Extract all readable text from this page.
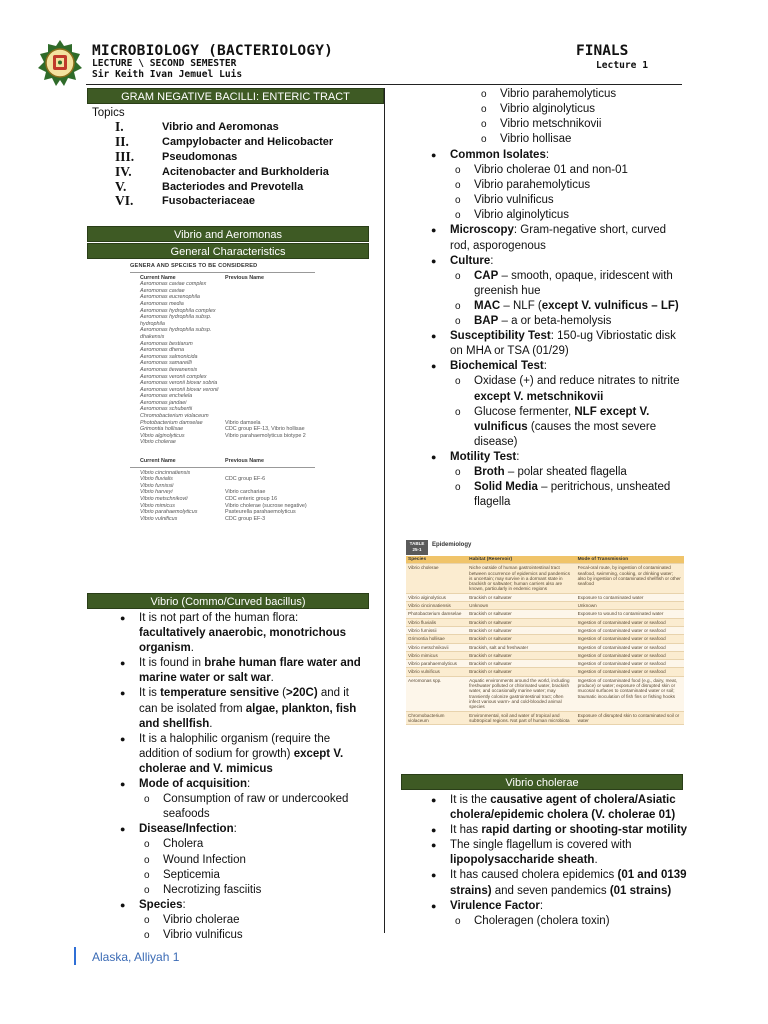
MICROBIOLOGY (BACTERIOLOGY)
LECTURE \ SECOND SEMESTER
Sir Keith Ivan Jemuel Luis
FINALS
Lecture 1
GRAM NEGATIVE BACILLI: ENTERIC TRACT
Topics
I.	Vibrio and Aeromonas
II.	Campylobacter and Helicobacter
III.	Pseudomonas
IV.	Acitenobacter and Burkholderia
V.	Bacteriodes and Prevotella
VI.	Fusobacteriaceae
Vibrio and Aeromonas
General Characteristics
GENERA AND SPECIES TO BE CONSIDERED
Current Name	Previous Name
Aeromonas caviae complex
Aeromonas caviae
Aeromonas eucrenophila
Aeromonas media
Aeromonas hydrophila complex
Aeromonas hydrophila subsp. hydrophila
Aeromonas hydrophila subsp. dhakensis
Aeromonas bestiarum
Aeromonas dhena
Aeromonas salmonicida
Aeromonas samareilli
Aeromonas tiewanensis
Aeromonas veronii complex
Aeromonas veronii biovar sobria
Aeromonas veronii biovar veronii
Aeromonas enchelela
Aeromonas jandaei
Aeromonas schubertii
Chromobacterium violaceum
Photobacterium damselae	Vibrio damsela
Grimontia hollisae	CDC group EF-13, Vibrio hollisae
Vibrio alginolyticus	Vibrio parahaemolyticus biotype 2
Vibrio cholerae
Current Name	Previous Name
Vibrio cincinnatiensis
Vibrio fluvialis	CDC group EF-6
Vibrio furnissii
Vibrio harveyi	Vibrio carchariae
Vibrio metschnikovii	CDC enteric group 16
Vibrio mimicus	Vibrio cholerae (sucrose negative)
Vibrio parahaemolyticus	Pasteurella parahaemolyticus
Vibrio vulnificus	CDC group EF-3
Vibrio (Commo/Curved bacillus)
●	It is not part of the human flora: facultatively anaerobic, monotrichous organism.
●	It is found in brahe human flare water and marine water or salt war.
●	It is temperature sensitive (>20C) and it can be isolated from algae, plankton, fish and shellfish.
●	It is a halophilic organism (require the addition of sodium for growth) except V. cholerae and V. mimicus
●	Mode of acquisition:
o	Consumption of raw or undercooked seafoods
●	Disease/Infection:
o	Cholera
o	Wound Infection
o	Septicemia
o	Necrotizing fasciitis
●	Species:
o	Vibrio cholerae
o	Vibrio vulnificus
o	Vibrio parahemolyticus
o	Vibrio alginolyticus
o	Vibrio metschnikovii
o	Vibrio hollisae
●	Common Isolates:
o	Vibrio cholerae 01 and non-01
o	Vibrio parahemolyticus
o	Vibrio vulnificus
o	Vibrio alginolyticus
●	Microscopy: Gram-negative short, curved rod, asporogenous
●	Culture:
o	CAP – smooth, opaque, iridescent with greenish hue
o	MAC – NLF (except V. vulnificus – LF)
o	BAP – a or beta-hemolysis
●	Susceptibility Test: 150-ug Vibriostatic disk on MHA or TSA (01/29)
●	Biochemical Test:
o	Oxidase (+) and reduce nitrates to nitrite except V. metschnikovii
o	Glucose fermenter, NLF except V. vulnificus (causes the most severe disease)
●	Motility Test:
o	Broth – polar sheated flagella
o	Solid Media – peritrichous, unsheated flagella
TABLE 25-1
Epidemiology
Species	Habitat (Reservoir)	Mode of Transmission
Vibrio cholerae	Niche outside of human gastrointestinal tract between occurrence of epidemics and pandemics is uncertain; may survive in a dormant state in brackish or saltwater; human carriers also are known, particularly in endemic regions	Fecal-oral route, by ingestion of contaminated seafood, swimming, cooking, or drinking water; also by ingestion of contaminated shellfish or other seafood
Vibrio alginolyticus	Brackish or saltwater	Exposure to contaminated water
Vibrio cincinnatiensis	Unknown	Unknown
Photobacterium damselae	Brackish or saltwater	Exposure to wound to contaminated water
Vibrio fluvialis	Brackish or saltwater	Ingestion of contaminated water or seafood
Vibrio furnissii	Brackish or saltwater	Ingestion of contaminated water or seafood
Grimontia hollisae	Brackish or saltwater	Ingestion of contaminated water or seafood
Vibrio metschnikovii	Brackish, salt and freshwater	Ingestion of contaminated water or seafood
Vibrio mimicus	Brackish or saltwater	Ingestion of contaminated water or seafood
Vibrio parahaemolyticus	Brackish or saltwater	Ingestion of contaminated water or seafood
Vibrio vulnificus	Brackish or saltwater	Ingestion of contaminated water or seafood
Aeromonas spp.	Aquatic environments around the world, including freshwater polluted or chlorinated water, brackish water, and occasionally marine water; may transiently colonize gastrointestinal tract; often infect various warm- and cold-blooded animal species	Ingestion of contaminated food (e.g., dairy, meat, produce) or water; exposure of disrupted skin or mucosal surfaces to contaminated water or soil; traumatic inoculation of fish fins or fishing hooks
Chromobacterium violaceum	Environmental, soil and water of tropical and subtropical regions. Not part of human microbiota	Exposure of disrupted skin to contaminated soil or water
Vibrio cholerae
●	It is the causative agent of cholera/Asiatic cholera/epidemic cholera (V. cholerae 01)
●	It has rapid darting or shooting-star motility
●	The single flagellum is covered with lipopolysaccharide sheath.
●	It has caused cholera epidemics (01 and 0139 strains) and seven pandemics (01 strains)
●	Virulence Factor:
o	Choleragen (cholera toxin)
Alaska, Alliyah 1
